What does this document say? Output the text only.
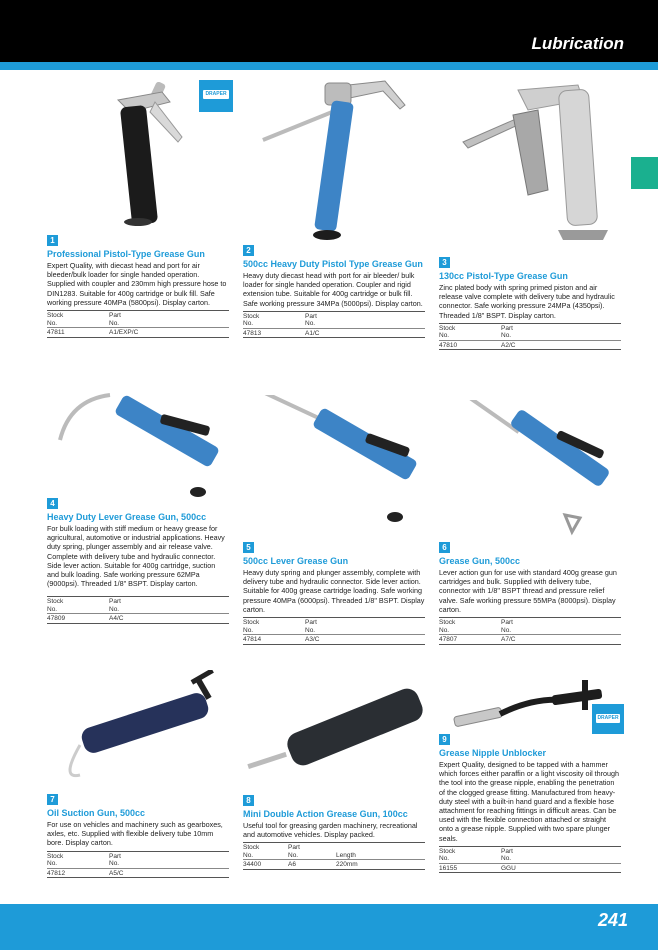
Lubrication
DRAPER
DRAPER
1
Professional Pistol-Type Grease Gun
Expert Quality, with diecast head and port for air bleeder/bulk loader for single handed operation. Supplied with coupler and 230mm high pressure hose to DIN1283. Suitable for 400g cartridge or bulk fill. Safe working pressure 40MPa (5800psi). Display carton.
Stock	Part
No.	No.
47811	A1/EXP/C
2
500cc Heavy Duty Pistol Type Grease Gun
Heavy duty diecast head with port for air bleeder/ bulk loader for single handed operation. Coupler and rigid extension tube. Suitable for 400g cartridge or bulk fill. Safe working pressure 34MPa (5000psi). Display carton.
Stock	Part
No.	No.
47813	A1/C
3
130cc Pistol-Type Grease Gun
Zinc plated body with spring primed piston and air release valve complete with delivery tube and hydraulic connector. Safe working pressure 24MPa (4350psi). Threaded 1/8" BSPT. Display carton.
Stock	Part
No.	No.
47810	A2/C
4
Heavy Duty Lever Grease Gun, 500cc
For bulk loading with stiff medium or heavy grease for agricultural, automotive or industrial applications. Heavy duty spring, plunger assembly and air release valve. Complete with delivery tube and hydraulic connector. Side lever action. Suitable for 400g cartridge, suction and bulk loading. Safe working pressure 62MPa (9000psi). Threaded 1/8" BSPT. Display carton.
Stock	Part
No.	No.
47809	A4/C
5
500cc Lever Grease Gun
Heavy duty spring and plunger assembly, complete with delivery tube and hydraulic connector. Side lever action. Suitable for 400g grease cartridge loading. Safe working pressure 40MPa (6000psi). Threaded 1/8" BSPT. Display carton.
Stock	Part
No.	No.
47814	A3/C
6
Grease Gun, 500cc
Lever action gun for use with standard 400g grease gun cartridges and bulk. Supplied with delivery tube, connector with 1/8" BSPT thread and pressure relief valve. Safe working pressure 55MPa (8000psi). Display carton.
Stock	Part
No.	No.
47807	A7/C
7
Oil Suction Gun, 500cc
For use on vehicles and machinery such as gearboxes, axles, etc. Supplied with flexible delivery tube 10mm bore. Display carton.
Stock	Part
No.	No.
47812	A5/C
8
Mini Double Action Grease Gun, 100cc
Useful tool for greasing garden machinery, recreational and automotive vehicles. Display packed.
Stock	Part	
No.	No.	Length
34400	A6	220mm
9
Grease Nipple Unblocker
Expert Quality, designed to be tapped with a hammer which forces either paraffin or a light viscosity oil through the tool into the grease nipple, enabling the penetration of the clogged grease fitting. Manufactured from heavy-duty steel with a built-in hand guard and a flexible hose attachment for reaching fittings in difficult areas. Can be used with the flexible connection attached or straight onto a grease nipple. Supplied with two spare plunger seals.
Stock	Part
No.	No.
16155	GGU
241
